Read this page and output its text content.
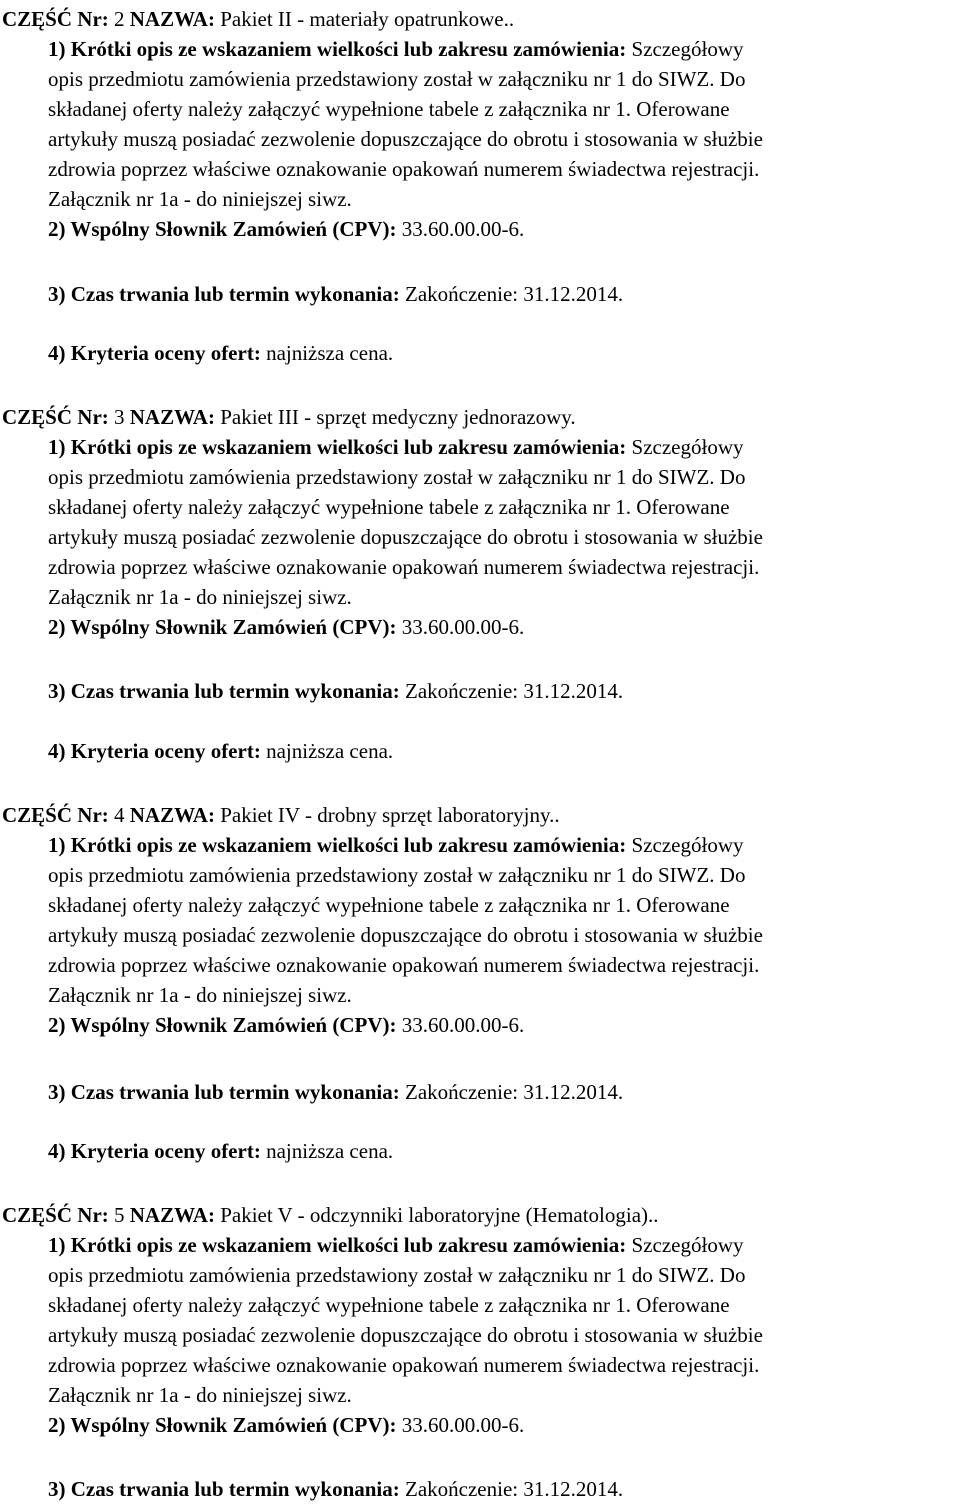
CZĘŚĆ Nr: 2 NAZWA: Pakiet II - materiały opatrunkowe..
1) Krótki opis ze wskazaniem wielkości lub zakresu zamówienia: Szczegółowy
opis przedmiotu zamówienia przedstawiony został w załączniku nr 1 do SIWZ. Do
składanej oferty należy załączyć wypełnione tabele z załącznika nr 1. Oferowane
artykuły muszą posiadać zezwolenie dopuszczające do obrotu i stosowania w służbie
zdrowia poprzez właściwe oznakowanie opakowań numerem świadectwa rejestracji.
Załącznik nr 1a - do niniejszej siwz.
2) Wspólny Słownik Zamówień (CPV): 33.60.00.00-6.
3) Czas trwania lub termin wykonania: Zakończenie: 31.12.2014.
4) Kryteria oceny ofert: najniższa cena.
CZĘŚĆ Nr: 3 NAZWA: Pakiet III - sprzęt medyczny jednorazowy.
1) Krótki opis ze wskazaniem wielkości lub zakresu zamówienia: Szczegółowy
opis przedmiotu zamówienia przedstawiony został w załączniku nr 1 do SIWZ. Do
składanej oferty należy załączyć wypełnione tabele z załącznika nr 1. Oferowane
artykuły muszą posiadać zezwolenie dopuszczające do obrotu i stosowania w służbie
zdrowia poprzez właściwe oznakowanie opakowań numerem świadectwa rejestracji.
Załącznik nr 1a - do niniejszej siwz.
2) Wspólny Słownik Zamówień (CPV): 33.60.00.00-6.
3) Czas trwania lub termin wykonania: Zakończenie: 31.12.2014.
4) Kryteria oceny ofert: najniższa cena.
CZĘŚĆ Nr: 4 NAZWA: Pakiet IV - drobny sprzęt laboratoryjny..
1) Krótki opis ze wskazaniem wielkości lub zakresu zamówienia: Szczegółowy
opis przedmiotu zamówienia przedstawiony został w załączniku nr 1 do SIWZ. Do
składanej oferty należy załączyć wypełnione tabele z załącznika nr 1. Oferowane
artykuły muszą posiadać zezwolenie dopuszczające do obrotu i stosowania w służbie
zdrowia poprzez właściwe oznakowanie opakowań numerem świadectwa rejestracji.
Załącznik nr 1a - do niniejszej siwz.
2) Wspólny Słownik Zamówień (CPV): 33.60.00.00-6.
3) Czas trwania lub termin wykonania: Zakończenie: 31.12.2014.
4) Kryteria oceny ofert: najniższa cena.
CZĘŚĆ Nr: 5 NAZWA: Pakiet V - odczynniki laboratoryjne (Hematologia)..
1) Krótki opis ze wskazaniem wielkości lub zakresu zamówienia: Szczegółowy
opis przedmiotu zamówienia przedstawiony został w załączniku nr 1 do SIWZ. Do
składanej oferty należy załączyć wypełnione tabele z załącznika nr 1. Oferowane
artykuły muszą posiadać zezwolenie dopuszczające do obrotu i stosowania w służbie
zdrowia poprzez właściwe oznakowanie opakowań numerem świadectwa rejestracji.
Załącznik nr 1a - do niniejszej siwz.
2) Wspólny Słownik Zamówień (CPV): 33.60.00.00-6.
3) Czas trwania lub termin wykonania: Zakończenie: 31.12.2014.
